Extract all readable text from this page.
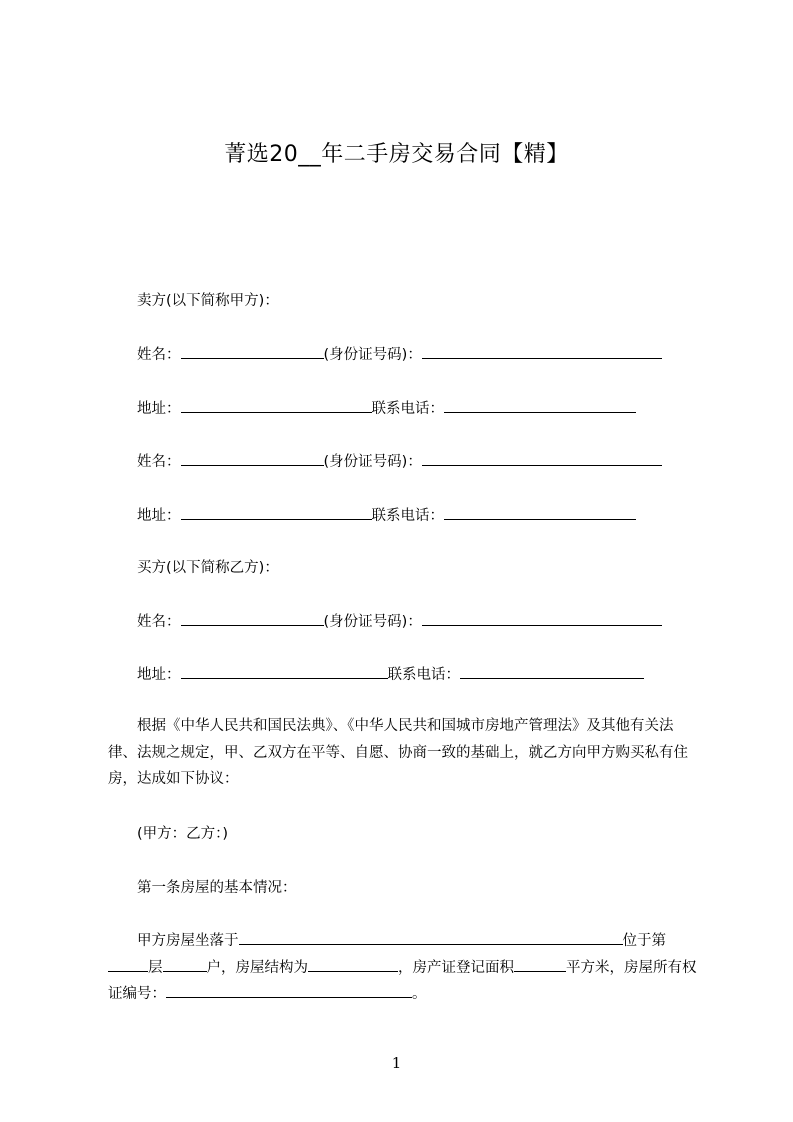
菁选20__年二手房交易合同【精】
卖方(以下简称甲方)：
姓名：	(身份证号码)：
地址：	联系电话：
姓名：	(身份证号码)：
地址：	联系电话：
买方(以下简称乙方)：
姓名：	(身份证号码)：
地址：	联系电话：
根据《中华人民共和国民法典》、《中华人民共和国城市房地产管理法》及其他有关法律、法规之规定，甲、乙双方在平等、自愿、协商一致的基础上，就乙方向甲方购买私有住房，达成如下协议：
(甲方：乙方：)
第一条房屋的基本情况：
甲方房屋坐落于	位于第层	户，房屋结构为	，房产证登记面积	平方米，房屋所有权证编号：	。
1
